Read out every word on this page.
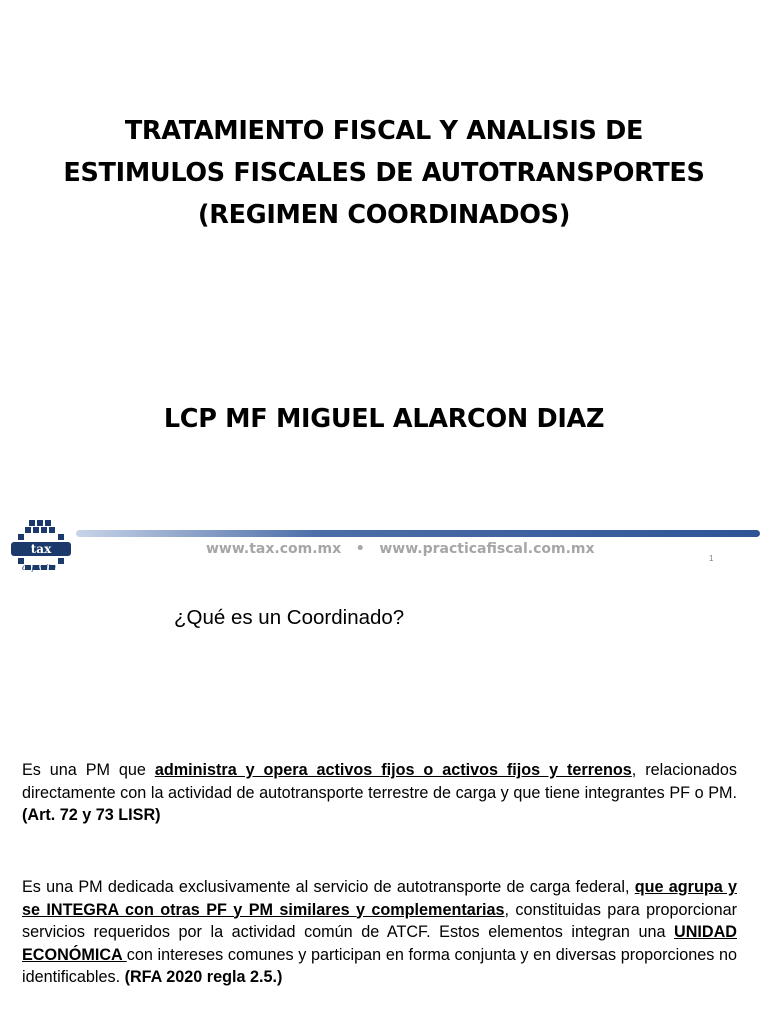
TRATAMIENTO FISCAL Y ANALISIS DE
ESTIMULOS FISCALES DE AUTOTRANSPORTES
(REGIMEN COORDINADOS)
LCP MF MIGUEL ALARCON DIAZ
tax
capacita
www.tax.com.mx • www.practicafiscal.com.mx
1
¿Qué es un Coordinado?
Es una PM que administra y opera activos fijos o activos fijos y terrenos, relacionados directamente con la actividad de autotransporte terrestre de carga y que tiene integrantes PF o PM. (Art. 72 y 73 LISR)
Es una PM dedicada exclusivamente al servicio de autotransporte de carga federal, que agrupa y se INTEGRA con otras PF y PM similares y complementarias, constituidas para proporcionar servicios requeridos por la actividad común de ATCF. Estos elementos integran una UNIDAD ECONÓMICA con intereses comunes y participan en forma conjunta y en diversas proporciones no identificables. (RFA 2020 regla 2.5.)
